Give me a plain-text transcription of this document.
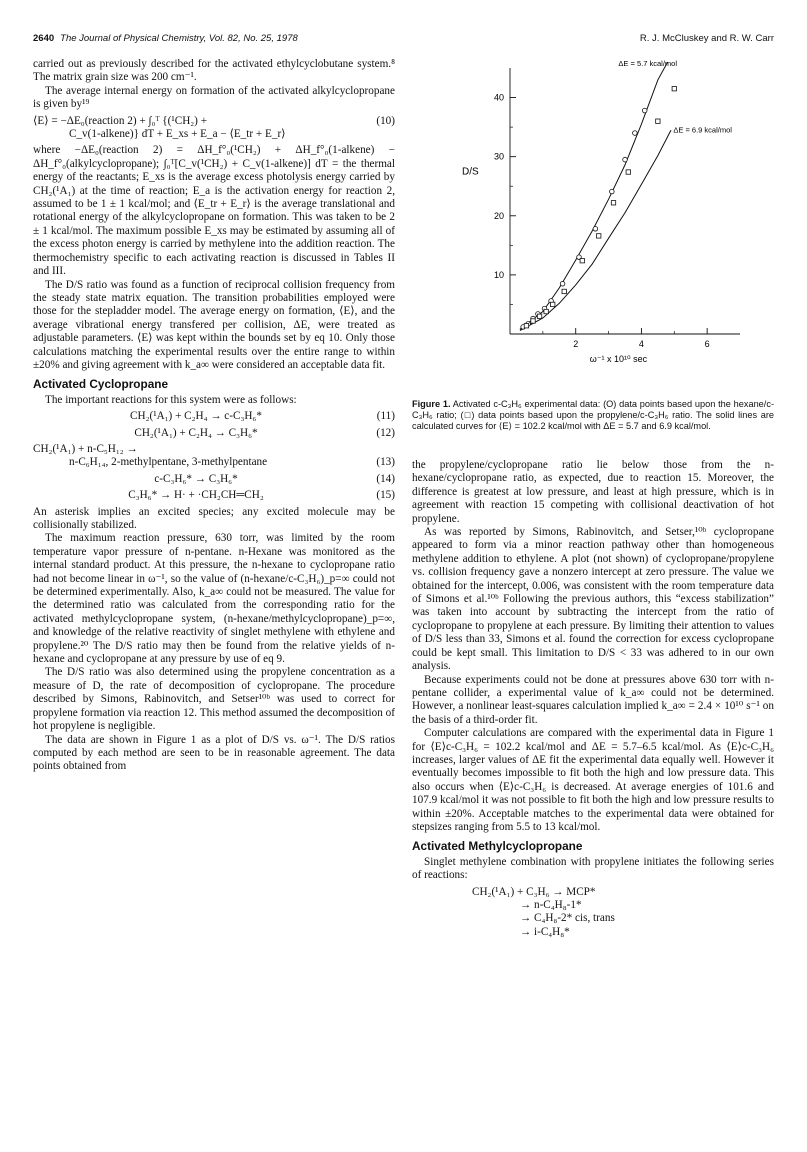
2640 The Journal of Physical Chemistry, Vol. 82, No. 25, 1978	R. J. McCluskey and R. W. Carr

carried out as previously described for the activated ethylcyclobutane system.⁸ The matrix grain size was 200 cm⁻¹.

The average internal energy on formation of the activated alkylcyclopropane is given by¹⁹

⟨E⟩ = −ΔE₀(reaction 2) + ∫₀ᵀ {(¹CH₂) +
C_v(1-alkene)} dT + E_xs + E_a − ⟨E_tr + E_r⟩
(10)

where −ΔE₀(reaction 2) = ΔH_f°₀(¹CH₂) + ΔH_f°₀(1-alkene) − ΔH_f°₀(alkylcyclopropane); ∫₀ᵀ[C_v(¹CH₂) + C_v(1-alkene)] dT = the thermal energy of the reactants; E_xs is the average excess photolysis energy carried by CH₂(¹A₁) at the time of reaction; E_a is the activation energy for reaction 2, assumed to be 1 ± 1 kcal/mol; and ⟨E_tr + E_r⟩ is the average translational and rotational energy of the alkylcyclopropane on formation. This was taken to be 2 ± 1 kcal/mol. The maximum possible E_xs may be estimated by assuming all of the excess photon energy is carried by methylene into the addition reaction. The thermochemistry specific to each activating reaction is discussed in Tables II and III.

The D/S ratio was found as a function of reciprocal collision frequency from the steady state matrix equation. The transition probabilities employed were those for the stepladder model. The average energy on formation, ⟨E⟩, and the average vibrational energy transfered per collision, ΔE, were treated as adjustable parameters. ⟨E⟩ was kept within the bounds set by eq 10. Only those calculations matching the experimental results over the entire range to within ±20% and giving agreement with k_a∞ were considered an acceptable data fit.

Activated Cyclopropane

The important reactions for this system were as follows:

CH₂(¹A₁) + C₂H₄ → c-C₃H₆*	(11)
CH₂(¹A₁) + C₂H₄ → C₃H₆*	(12)
CH₂(¹A₁) + n-C₅H₁₂ →
n-C₆H₁₄, 2-methylpentane, 3-methylpentane	(13)
c-C₃H₆* → C₃H₆*	(14)
C₃H₆* → H· + ·CH₂CH═CH₂	(15)

An asterisk implies an excited species; any excited molecule may be collisionally stabilized.

The maximum reaction pressure, 630 torr, was limited by the room temperature vapor pressure of n-pentane. n-Hexane was monitored as the internal standard product. At this pressure, the n-hexane to cyclopropane ratio had not become linear in ω⁻¹, so the value of (n-hexane/c-C₃H₆)_p=∞ could not be determined experimentally. Also, k_a∞ could not be measured. The value for the determined ratio was calculated from the corresponding ratio for the activated methylcyclopropane system, (n-hexane/methylcyclopropane)_p=∞, and knowledge of the relative reactivity of singlet methylene with ethylene and propylene.²⁰ The D/S ratio may then be found from the relative yields of n-hexane and cyclopropane at any pressure by use of eq 9.

The D/S ratio was also determined using the propylene concentration as a measure of D, the rate of decomposition of cyclopropane. The procedure described by Simons, Rabinovitch, and Setser¹⁰ᵇ was used to correct for propylene formation via reaction 12. This method assumed the decomposition of hot propylene is negligible.

The data are shown in Figure 1 as a plot of D/S vs. ω⁻¹. The D/S ratios computed by each method are seen to be in reasonable agreement. The data points obtained from

10
20
30
40
2	4	6
D/S
ω⁻¹ x 10¹⁰ sec
ΔE = 5.7 kcal/mol
ΔE = 6.9 kcal/mol
Figure 1. Activated c-C₃H₆ experimental data: (O) data points based upon the hexane/c-C₃H₆ ratio; (□) data points based upon the propylene/c-C₃H₆ ratio. The solid lines are calculated curves for ⟨E⟩ = 102.2 kcal/mol with ΔE = 5.7 and 6.9 kcal/mol.

the propylene/cyclopropane ratio lie below those from the n-hexane/cyclopropane ratio, as expected, due to reaction 15. Moreover, the difference is greatest at low pressure, and least at high pressure, which is in agreement with reaction 15 competing with collisional deactivation of hot propylene.

As was reported by Simons, Rabinovitch, and Setser,¹⁰ᵇ cyclopropane appeared to form via a minor reaction pathway other than homogeneous methylene addition to ethylene. A plot (not shown) of cyclopropane/propylene vs. collision frequency gave a nonzero intercept at zero pressure. The value we obtained for the intercept, 0.006, was consistent with the room temperature data of Simons et al.¹⁰ᵇ Following the previous authors, this “excess stabilization” was taken into account by subtracting the intercept from the ratio of cyclopropane to propylene at each pressure. By limiting their attention to values of D/S less than 33, Simons et al. found the correction for excess cyclopropane could be kept small. This limitation to D/S < 33 was adhered to in our own analysis.

Because experiments could not be done at pressures above 630 torr with n-pentane collider, a experimental value of k_a∞ could not be determined. However, a nonlinear least-squares calculation implied k_a∞ = 2.4 × 10¹⁰ s⁻¹ on the basis of a third-order fit.

Computer calculations are compared with the experimental data in Figure 1 for ⟨E⟩c-C₃H₆ = 102.2 kcal/mol and ΔE = 5.7–6.5 kcal/mol. As ⟨E⟩c-C₃H₆ increases, larger values of ΔE fit the experimental data equally well. However it eventually becomes impossible to fit both the high and low pressure data. This also occurs when ⟨E⟩c-C₃H₆ is decreased. At average energies of 101.6 and 107.9 kcal/mol it was not possible to fit both the high and low pressure results to within ±20%. Acceptable matches to the experimental data were obtained for stepsizes ranging from 5.5 to 13 kcal/mol.

Activated Methylcyclopropane

Singlet methylene combination with propylene initiates the following series of reactions:

CH₂(¹A₁) + C₃H₆ → MCP*
→ n-C₄H₈-1*
→ C₄H₈-2* cis, trans
→ i-C₄H₈*
